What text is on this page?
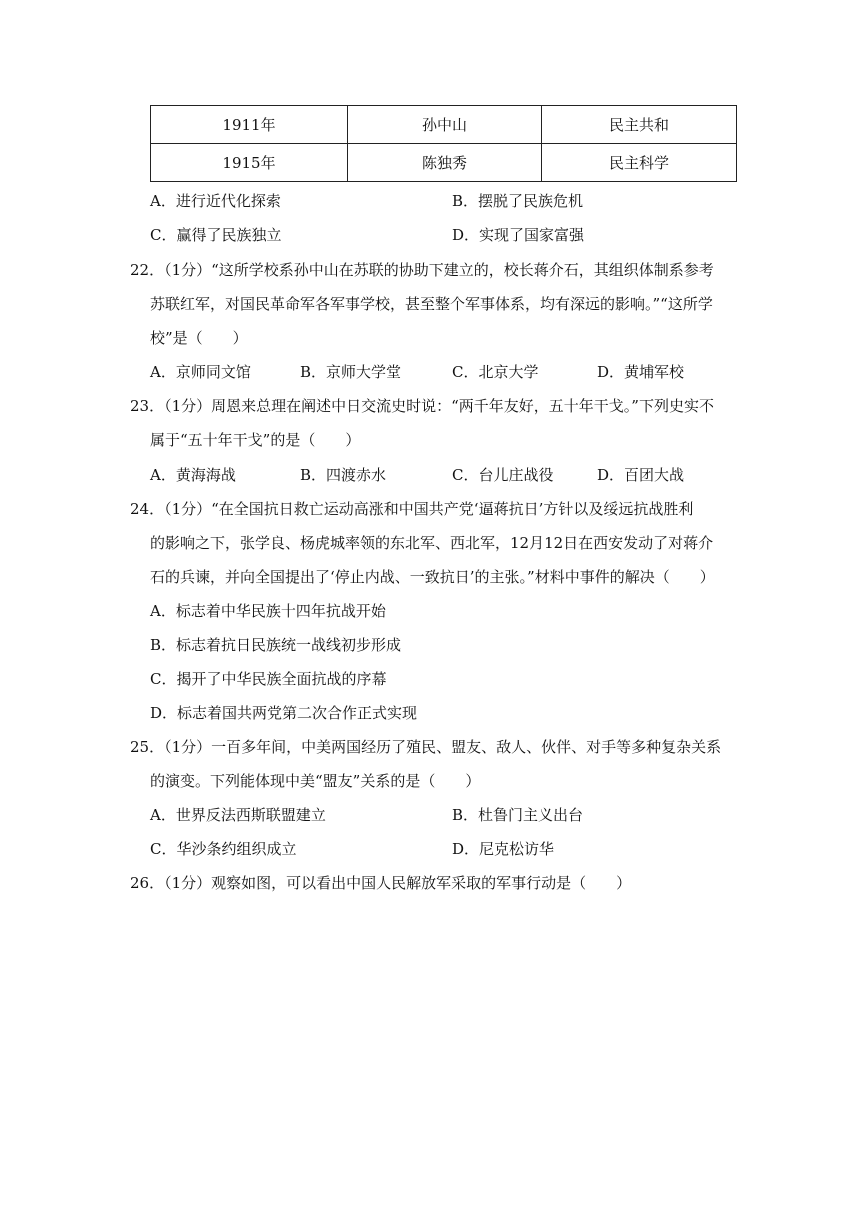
1911年	孙中山	民主共和
1915年	陈独秀	民主科学
A．进行近代化探索	B．摆脱了民族危机
C．赢得了民族独立	D．实现了国家富强
22．（1分）“这所学校系孙中山在苏联的协助下建立的，校长蒋介石，其组织体制系参考
苏联红军，对国民革命军各军事学校，甚至整个军事体系，均有深远的影响。”“这所学
校”是（　　）
A．京师同文馆	B．京师大学堂	C．北京大学	D．黄埔军校
23．（1分）周恩来总理在阐述中日交流史时说：“两千年友好，五十年干戈。”下列史实不
属于“五十年干戈”的是（　　）
A．黄海海战	B．四渡赤水	C．台儿庄战役	D．百团大战
24．（1分）“在全国抗日救亡运动高涨和中国共产党‘逼蒋抗日’方针以及绥远抗战胜利
的影响之下，张学良、杨虎城率领的东北军、西北军，12月12日在西安发动了对蒋介
石的兵谏，并向全国提出了‘停止内战、一致抗日’的主张。”材料中事件的解决（　　）
A．标志着中华民族十四年抗战开始
B．标志着抗日民族统一战线初步形成
C．揭开了中华民族全面抗战的序幕
D．标志着国共两党第二次合作正式实现
25．（1分）一百多年间，中美两国经历了殖民、盟友、敌人、伙伴、对手等多种复杂关系
的演变。下列能体现中美“盟友”关系的是（　　）
A．世界反法西斯联盟建立	B．杜鲁门主义出台
C．华沙条约组织成立	D．尼克松访华
26．（1分）观察如图，可以看出中国人民解放军采取的军事行动是（　　）
